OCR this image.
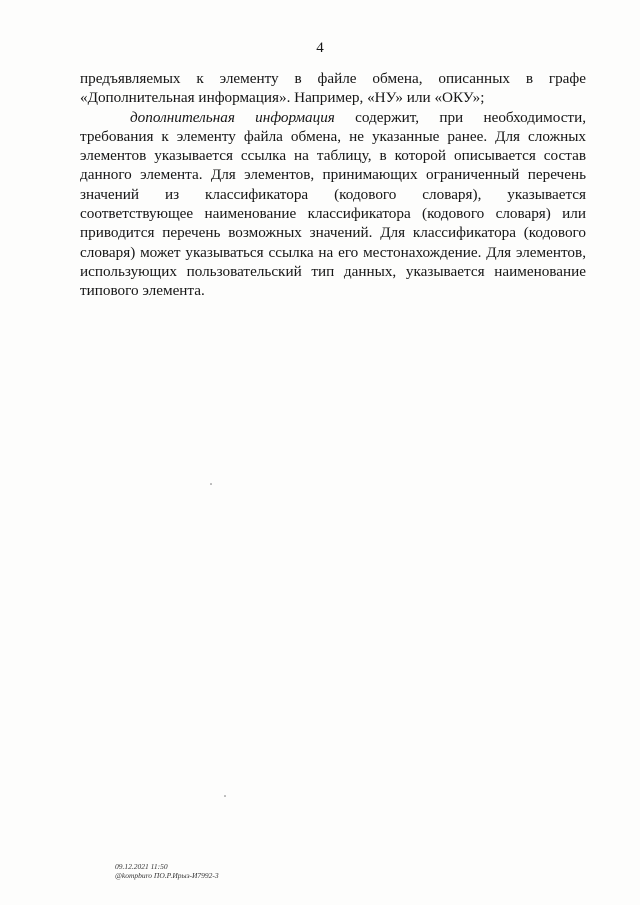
4

предъявляемых к элементу в файле обмена, описанных в графе «Дополнительная информация». Например, «НУ» или «ОКУ»;

дополнительная информация содержит, при необходимости, требования к элементу файла обмена, не указанные ранее. Для сложных элементов указывается ссылка на таблицу, в которой описывается состав данного элемента. Для элементов, принимающих ограниченный перечень значений из классификатора (кодового словаря), указывается соответствующее наименование классификатора (кодового словаря) или приводится перечень возможных значений. Для классификатора (кодового словаря) может указываться ссылка на его местонахождение. Для элементов, использующих пользовательский тип данных, указывается наименование типового элемента.

09.12.2021 11:50
@kompburo ПО.Р.Ирыз-И7992-3
